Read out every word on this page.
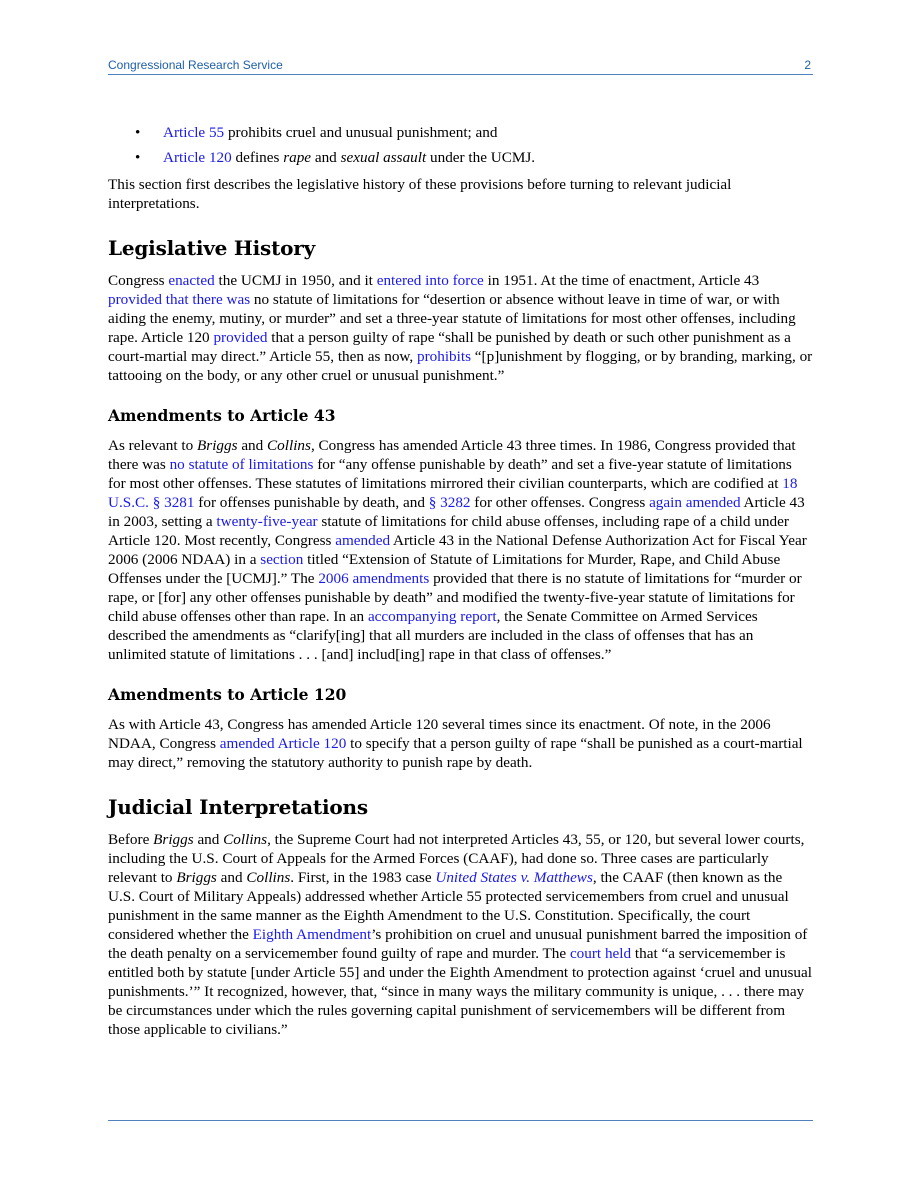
Congressional Research Service	2
• Article 55 prohibits cruel and unusual punishment; and
• Article 120 defines rape and sexual assault under the UCMJ.

This section first describes the legislative history of these provisions before turning to relevant judicial interpretations.

Legislative History

Congress enacted the UCMJ in 1950, and it entered into force in 1951. At the time of enactment, Article 43 provided that there was no statute of limitations for “desertion or absence without leave in time of war, or with aiding the enemy, mutiny, or murder” and set a three-year statute of limitations for most other offenses, including rape. Article 120 provided that a person guilty of rape “shall be punished by death or such other punishment as a court-martial may direct.” Article 55, then as now, prohibits “[p]unishment by flogging, or by branding, marking, or tattooing on the body, or any other cruel or unusual punishment.”

Amendments to Article 43

As relevant to Briggs and Collins, Congress has amended Article 43 three times. In 1986, Congress provided that there was no statute of limitations for “any offense punishable by death” and set a five-year statute of limitations for most other offenses. These statutes of limitations mirrored their civilian counterparts, which are codified at 18 U.S.C. § 3281 for offenses punishable by death, and § 3282 for other offenses. Congress again amended Article 43 in 2003, setting a twenty-five-year statute of limitations for child abuse offenses, including rape of a child under Article 120. Most recently, Congress amended Article 43 in the National Defense Authorization Act for Fiscal Year 2006 (2006 NDAA) in a section titled “Extension of Statute of Limitations for Murder, Rape, and Child Abuse Offenses under the [UCMJ].” The 2006 amendments provided that there is no statute of limitations for “murder or rape, or [for] any other offenses punishable by death” and modified the twenty-five-year statute of limitations for child abuse offenses other than rape. In an accompanying report, the Senate Committee on Armed Services described the amendments as “clarify[ing] that all murders are included in the class of offenses that has an unlimited statute of limitations . . . [and] includ[ing] rape in that class of offenses.”

Amendments to Article 120

As with Article 43, Congress has amended Article 120 several times since its enactment. Of note, in the 2006 NDAA, Congress amended Article 120 to specify that a person guilty of rape “shall be punished as a court-martial may direct,” removing the statutory authority to punish rape by death.

Judicial Interpretations

Before Briggs and Collins, the Supreme Court had not interpreted Articles 43, 55, or 120, but several lower courts, including the U.S. Court of Appeals for the Armed Forces (CAAF), had done so. Three cases are particularly relevant to Briggs and Collins. First, in the 1983 case United States v. Matthews, the CAAF (then known as the U.S. Court of Military Appeals) addressed whether Article 55 protected servicemembers from cruel and unusual punishment in the same manner as the Eighth Amendment to the U.S. Constitution. Specifically, the court considered whether the Eighth Amendment’s prohibition on cruel and unusual punishment barred the imposition of the death penalty on a servicemember found guilty of rape and murder. The court held that “a servicemember is entitled both by statute [under Article 55] and under the Eighth Amendment to protection against ‘cruel and unusual punishments.’” It recognized, however, that, “since in many ways the military community is unique, . . . there may be circumstances under which the rules governing capital punishment of servicemembers will be different from those applicable to civilians.”
